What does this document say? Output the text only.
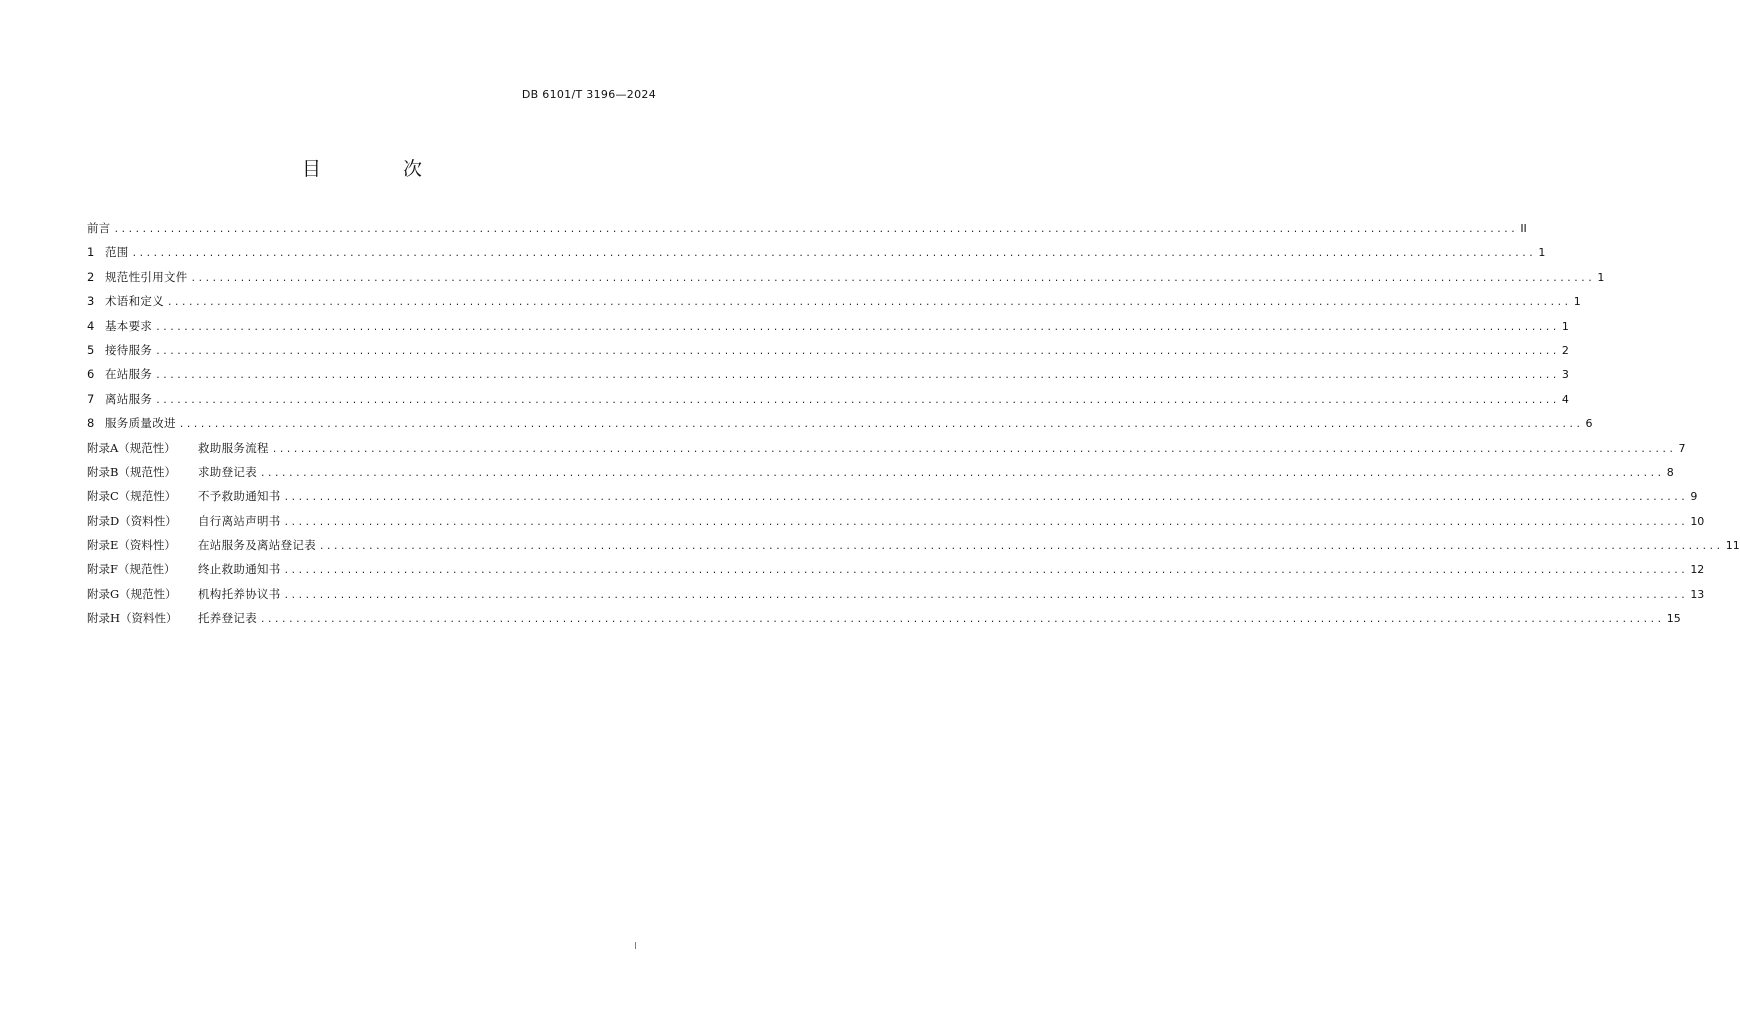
DB 6101/T 3196—2024
目 次
前言 ........................................................................................................................................................................................................ II
1 范围 ........................................................................................................................................................................................................ 1
2 规范性引用文件 ........................................................................................................................................................................................................ 1
3 术语和定义 ........................................................................................................................................................................................................ 1
4 基本要求 ........................................................................................................................................................................................................ 1
5 接待服务 ........................................................................................................................................................................................................ 2
6 在站服务 ........................................................................................................................................................................................................ 3
7 离站服务 ........................................................................................................................................................................................................ 4
8 服务质量改进 ........................................................................................................................................................................................................ 6
附录A（规范性）	救助服务流程 ........................................................................................................................................................................................................ 7
附录B（规范性）	求助登记表 ........................................................................................................................................................................................................ 8
附录C（规范性）	不予救助通知书 ........................................................................................................................................................................................................ 9
附录D（资料性）	自行离站声明书 ........................................................................................................................................................................................................ 10
附录E（资料性）	在站服务及离站登记表 ........................................................................................................................................................................................................ 11
附录F（规范性）	终止救助通知书 ........................................................................................................................................................................................................ 12
附录G（规范性）	机构托养协议书 ........................................................................................................................................................................................................ 13
附录H（资料性）	托养登记表 ........................................................................................................................................................................................................ 15
I
